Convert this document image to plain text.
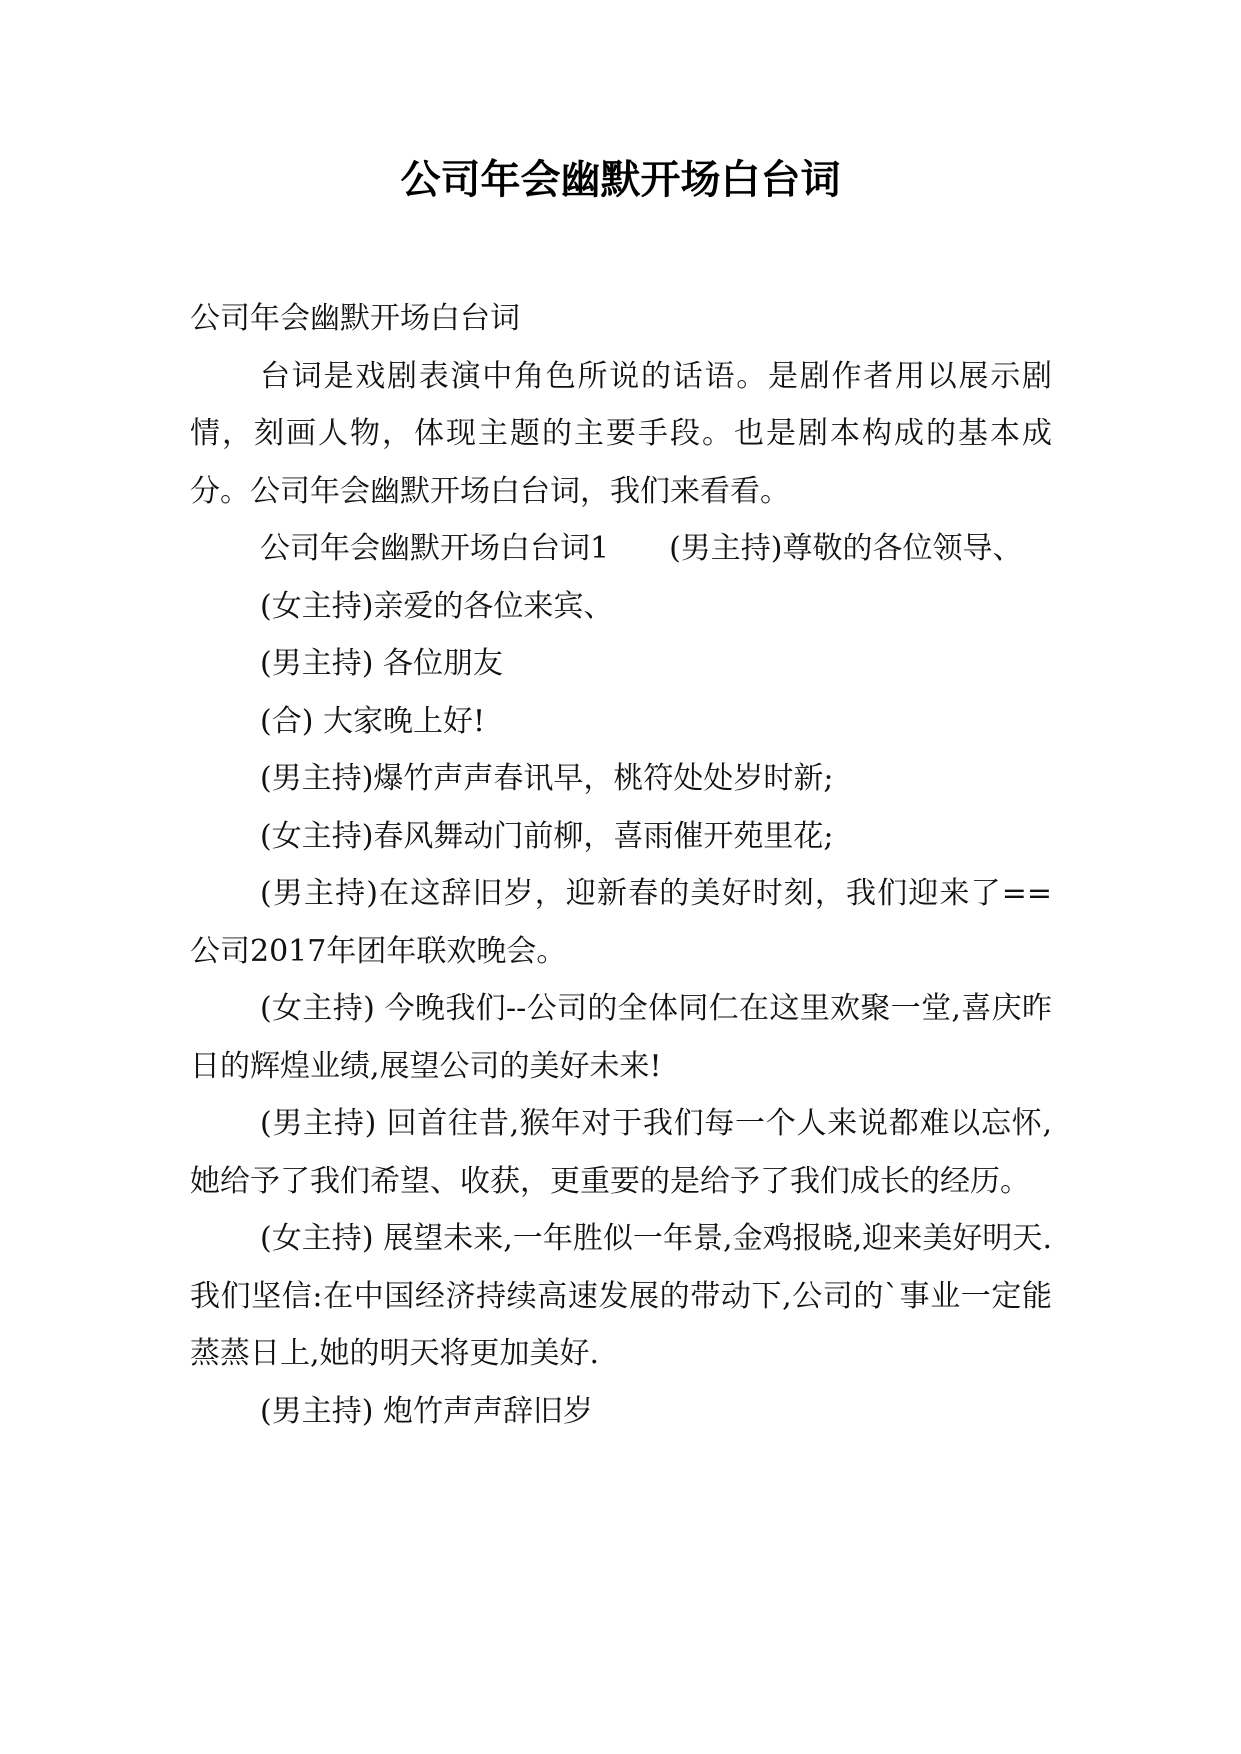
公司年会幽默开场白台词

公司年会幽默开场白台词

台词是戏剧表演中角色所说的话语。是剧作者用以展示剧情，刻画人物，体现主题的主要手段。也是剧本构成的基本成分。公司年会幽默开场白台词，我们来看看。

公司年会幽默开场白台词1　　(男主持)尊敬的各位领导、

(女主持)亲爱的各位来宾、

(男主持) 各位朋友

(合) 大家晚上好!

(男主持)爆竹声声春讯早，桃符处处岁时新;

(女主持)春风舞动门前柳，喜雨催开苑里花;

(男主持)在这辞旧岁，迎新春的美好时刻，我们迎来了==公司2017年团年联欢晚会。

(女主持) 今晚我们--公司的全体同仁在这里欢聚一堂,喜庆昨日的辉煌业绩,展望公司的美好未来!

(男主持) 回首往昔,猴年对于我们每一个人来说都难以忘怀,她给予了我们希望、收获，更重要的是给予了我们成长的经历。

(女主持) 展望未来,一年胜似一年景,金鸡报晓,迎来美好明天.我们坚信:在中国经济持续高速发展的带动下,公司的`事业一定能蒸蒸日上,她的明天将更加美好.

(男主持) 炮竹声声辞旧岁
